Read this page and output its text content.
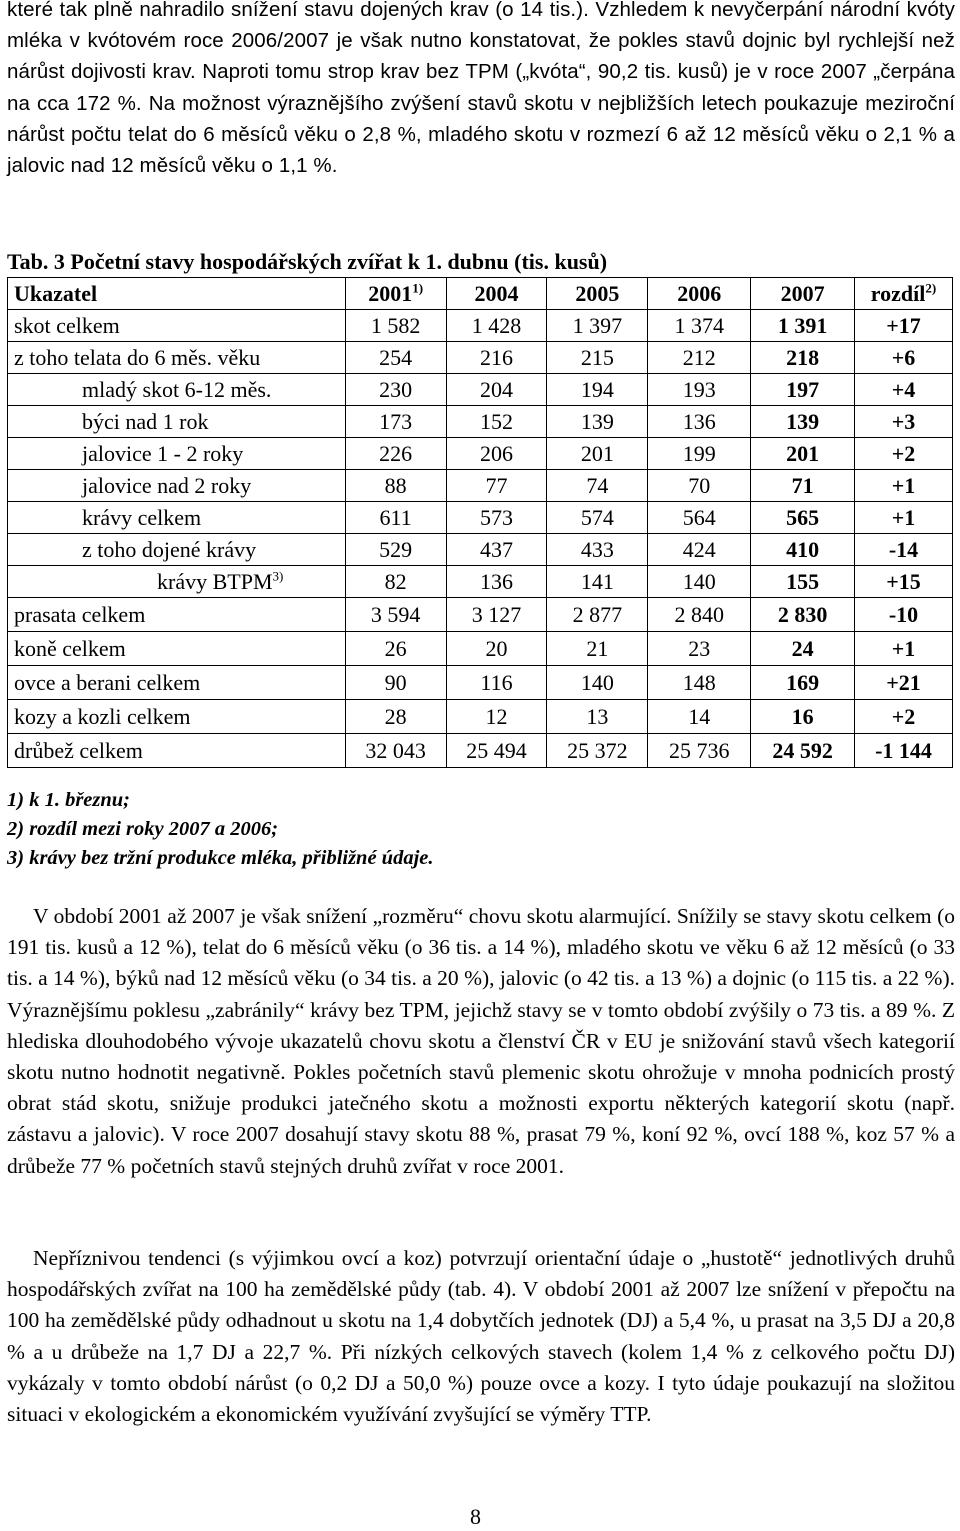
které tak plně nahradilo snížení stavu dojených krav (o 14 tis.). Vzhledem k nevyčerpání národní kvóty mléka v kvótovém roce 2006/2007 je však nutno konstatovat, že pokles stavů dojnic byl rychlejší než nárůst dojivosti krav. Naproti tomu strop krav bez TPM („kvóta“, 90,2 tis. kusů) je v roce 2007 „čerpána na cca 172 %. Na možnost výraznějšího zvýšení stavů skotu v nejbližších letech poukazuje meziroční nárůst počtu telat do 6 měsíců věku o 2,8 %, mladého skotu v rozmezí 6 až 12 měsíců věku o 2,1 % a jalovic nad 12 měsíců věku o 1,1 %.
Tab. 3 Početní stavy hospodářských zvířat k 1. dubnu (tis. kusů)
Ukazatel	2001$^{1)}$	2004	2005	2006	2007	rozdíl$^{2)}$
skot celkem	1 582	1 428	1 397	1 374	1 391	+17
z toho telata do 6 měs. věku	254	216	215	212	218	+6
mladý skot 6-12 měs.	230	204	194	193	197	+4
býci nad 1 rok	173	152	139	136	139	+3
jalovice 1 - 2 roky	226	206	201	199	201	+2
jalovice nad 2 roky	88	77	74	70	71	+1
krávy celkem	611	573	574	564	565	+1
z toho dojené krávy	529	437	433	424	410	-14
krávy BTPM$^{3)}$	82	136	141	140	155	+15
prasata celkem	3 594	3 127	2 877	2 840	2 830	-10
koně celkem	26	20	21	23	24	+1
ovce a berani celkem	90	116	140	148	169	+21
kozy a kozli celkem	28	12	13	14	16	+2
drůbež celkem	32 043	25 494	25 372	25 736	24 592	-1 144
1) k 1. březnu;
2) rozdíl mezi roky 2007 a 2006;
3) krávy bez tržní produkce mléka, přibližné údaje.
V období 2001 až 2007 je však snížení „rozměru“ chovu skotu alarmující. Snížily se stavy skotu celkem (o 191 tis. kusů a 12 %), telat do 6 měsíců věku (o 36 tis. a 14 %), mladého skotu ve věku 6 až 12 měsíců (o 33 tis. a 14 %), býků nad 12 měsíců věku (o 34 tis. a 20 %), jalovic (o 42 tis. a 13 %) a dojnic (o 115 tis. a 22 %). Výraznějšímu poklesu „zabránily“ krávy bez TPM, jejichž stavy se v tomto období zvýšily o 73 tis. a 89 %. Z hlediska dlouhodobého vývoje ukazatelů chovu skotu a členství ČR v EU je snižování stavů všech kategorií skotu nutno hodnotit negativně. Pokles početních stavů plemenic skotu ohrožuje v mnoha podnicích prostý obrat stád skotu, snižuje produkci jatečného skotu a možnosti exportu některých kategorií skotu (např. zástavu a jalovic). V roce 2007 dosahují stavy skotu 88 %, prasat 79 %, koní 92 %, ovcí 188 %, koz 57 % a drůbeže 77 % početních stavů stejných druhů zvířat v roce 2001.
Nepříznivou tendenci (s výjimkou ovcí a koz) potvrzují orientační údaje o „hustotě“ jednotlivých druhů hospodářských zvířat na 100 ha zemědělské půdy (tab. 4). V období 2001 až 2007 lze snížení v přepočtu na 100 ha zemědělské půdy odhadnout u skotu na 1,4 dobytčích jednotek (DJ) a 5,4 %, u prasat na 3,5 DJ a 20,8 % a u drůbeže na 1,7 DJ a 22,7 %. Při nízkých celkových stavech (kolem 1,4 % z celkového počtu DJ) vykázaly v tomto období nárůst (o 0,2 DJ a 50,0 %) pouze ovce a kozy. I tyto údaje poukazují na složitou situaci v ekologickém a ekonomickém využívání zvyšující se výměry TTP.
8
